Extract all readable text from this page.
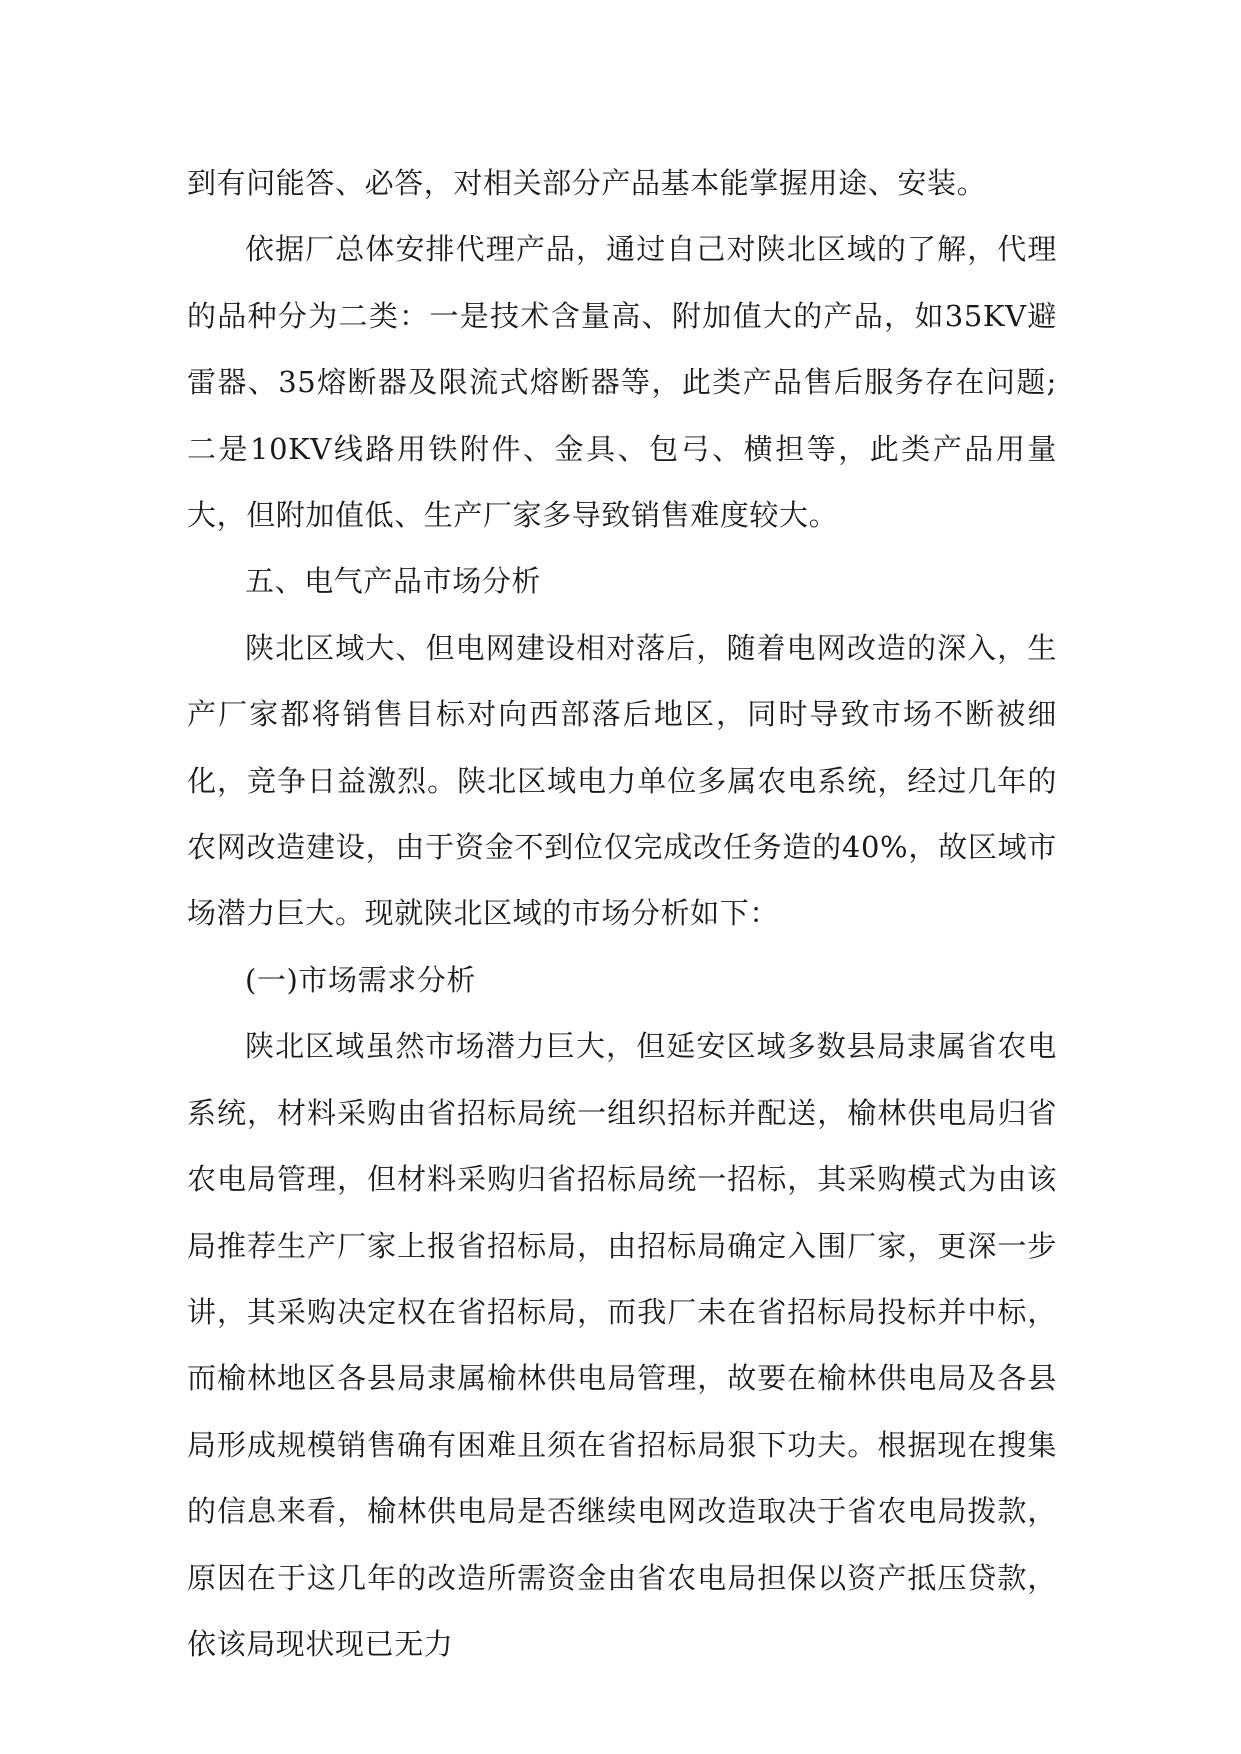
到有问能答、必答，对相关部分产品基本能掌握用途、安装。

依据厂总体安排代理产品，通过自己对陕北区域的了解，代理的品种分为二类：一是技术含量高、附加值大的产品，如35KV避雷器、35熔断器及限流式熔断器等，此类产品售后服务存在问题;二是10KV线路用铁附件、金具、包弓、横担等，此类产品用量大，但附加值低、生产厂家多导致销售难度较大。

五、电气产品市场分析

陕北区域大、但电网建设相对落后，随着电网改造的深入，生产厂家都将销售目标对向西部落后地区，同时导致市场不断被细化，竞争日益激烈。陕北区域电力单位多属农电系统，经过几年的农网改造建设，由于资金不到位仅完成改任务造的40%，故区域市场潜力巨大。现就陕北区域的市场分析如下：

(一)市场需求分析

陕北区域虽然市场潜力巨大，但延安区域多数县局隶属省农电系统，材料采购由省招标局统一组织招标并配送，榆林供电局归省农电局管理，但材料采购归省招标局统一招标，其采购模式为由该局推荐生产厂家上报省招标局，由招标局确定入围厂家，更深一步讲，其采购决定权在省招标局，而我厂未在省招标局投标并中标，而榆林地区各县局隶属榆林供电局管理，故要在榆林供电局及各县局形成规模销售确有困难且须在省招标局狠下功夫。根据现在搜集的信息来看，榆林供电局是否继续电网改造取决于省农电局拨款，原因在于这几年的改造所需资金由省农电局担保以资产抵压贷款，依该局现状现已无力
